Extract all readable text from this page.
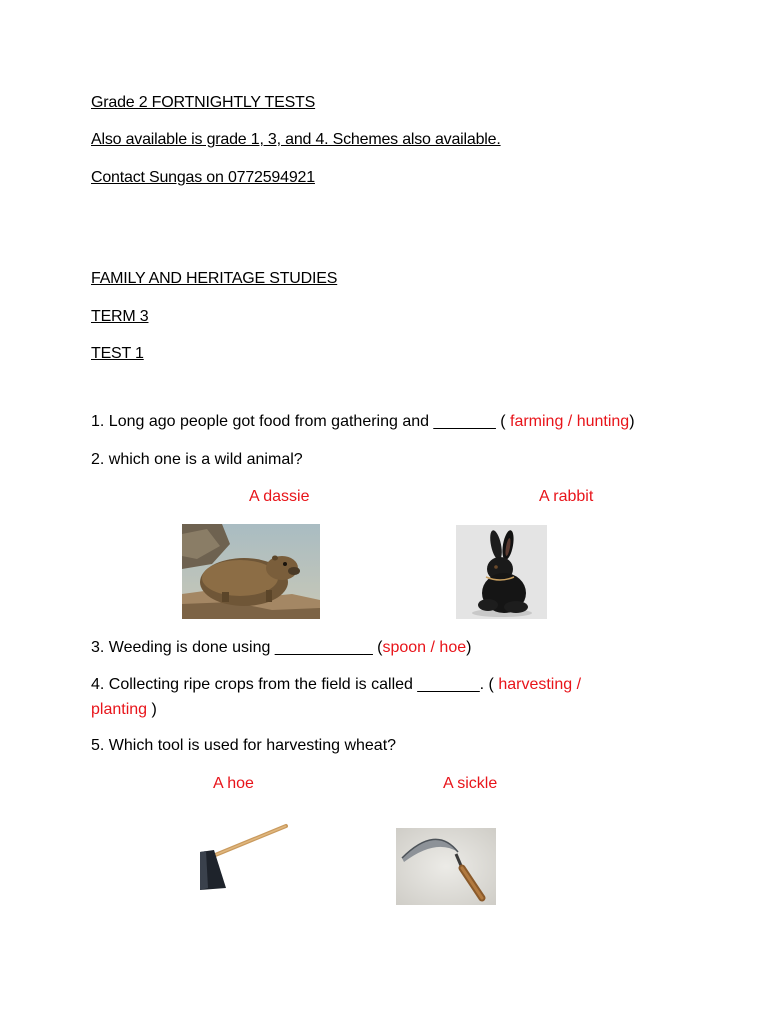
Grade 2 FORTNIGHTLY TESTS
Also available is grade 1, 3, and 4. Schemes also available.
Contact Sungas on 0772594921
FAMILY AND HERITAGE STUDIES
TERM 3
TEST 1
1. Long ago people got food from gathering and _______ ( farming / hunting)
2. which one is a wild animal?
A dassie	A rabbit
3. Weeding is done using ___________ (spoon / hoe)
4. Collecting ripe crops from the field is called _______. ( harvesting /
planting )
5. Which tool is used for harvesting wheat?
A hoe	A sickle
